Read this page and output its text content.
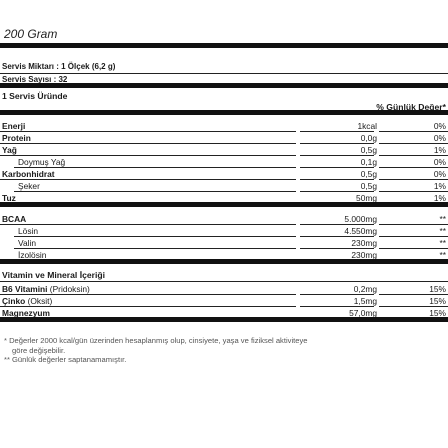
200 Gram
Servis Miktarı : 1 Ölçek (6,2 g)
Servis Sayısı : 32
1 Servis Üründe
% Günlük Değer*
Enerji	1kcal	0%
Protein	0,0g	0%
Yağ	0,5g	1%
Doymuş Yağ	0,1g	0%
Karbonhidrat	0,5g	0%
Şeker	0,5g	1%
Tuz	50mg	1%
BCAA	5.000mg	**
Lösin	4.550mg	**
Valin	230mg	**
İzolösin	230mg	**
Vitamin ve Mineral İçeriği
B6 Vitamini (Pridoksin)	0,2mg	15%
Çinko (Oksit)	1,5mg	15%
Magnezyum	57,0mg	15%
* Değerler 2000 kcal/gün üzerinden hesaplanmış olup, cinsiyete, yaşa ve fiziksel aktiviteye
göre değişebilir.
** Günlük değerler saptanamamıştır.
